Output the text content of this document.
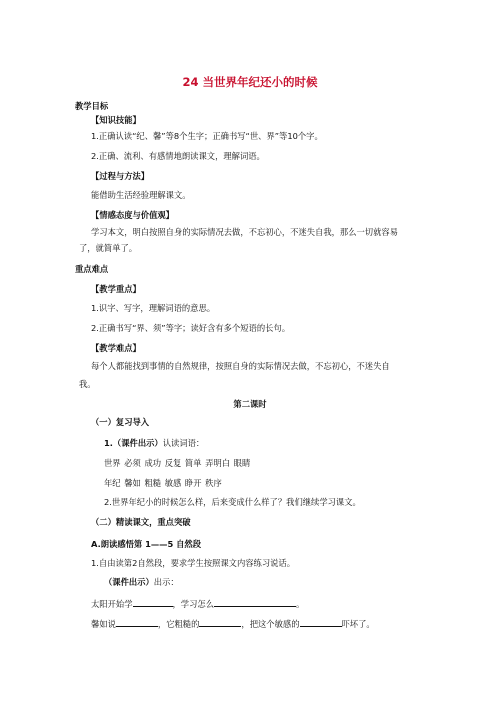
24 当世界年纪还小的时候
教学目标
【知识技能】
1.正确认读“纪、馨”等8个生字；正确书写“世、界”等10个字。
2.正确、流利、有感情地朗读课文，理解词语。
【过程与方法】
能借助生活经验理解课文。
【情感态度与价值观】
学习本文，明白按照自身的实际情况去做，不忘初心，不迷失自我，那么一切就容易
了，就简单了。
重点难点
【教学重点】
1.识字、写字，理解词语的意思。
2.正确书写“界、须”等字；读好含有多个短语的长句。
【教学难点】
每个人都能找到事情的自然规律，按照自身的实际情况去做，不忘初心，不迷失自
我。
第二课时
（一）复习导入
1.（课件出示）认读词语：
世界 必须 成功 反复 简单 弄明白 眼睛
年纪 馨如 粗糙 敏感 睁开 秩序
2.世界年纪小的时候怎么样，后来变成什么样了？我们继续学习课文。
（二）精读课文，重点突破
A.朗读感悟第 1——5 自然段
1.自由读第2自然段，要求学生按照课文内容练习说话。
（课件出示）出示：
太阳开始学	，学习怎么	。
馨如说	，它粗糙的	，把这个敏感的	吓坏了。
